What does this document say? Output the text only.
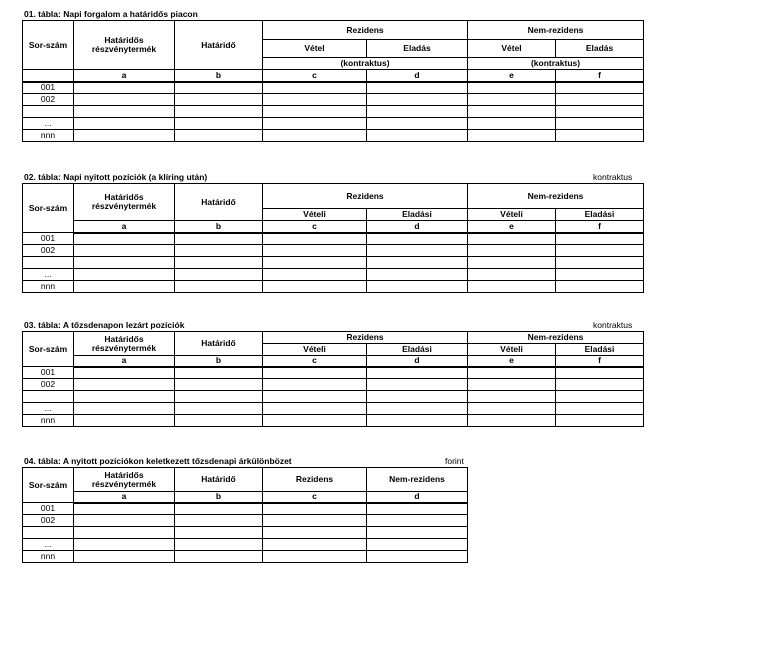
01. tábla: Napi forgalom a határidős piacon
Sor-szám	Határidős részvénytermék	Határidő	Rezidens		Nem-rezidens	
			Vétel	Eladás	Vétel	Eladás	
			(kontraktus)		(kontraktus)		
	a	b	c	d	e	f	
001							
002							

...							
nnn							
02. tábla: Napi nyitott pozíciók (a klíring után)	kontraktus
Sor-szám	Határidős részvénytermék	Határidő	Rezidens		Nem-rezidens	
			Vételi	Eladási	Vételi	Eladási
	a	b	c	d	e	f
001						
002						

...						
nnn						
03. tábla: A tőzsdenapon lezárt pozíciók	kontraktus
Sor-szám	Határidős részvénytermék	Határidő	Rezidens		Nem-rezidens	
			Vételi	Eladási	Vételi	Eladási
	a	b	c	d	e	f
001						
002						

...						
nnn						
04. tábla: A nyitott pozíciókon keletkezett tőzsdenapi árkülönbözet	forint
Sor-szám	Határidős részvénytermék	Határidő	Rezidens	Nem-rezidens
	a	b	c	d
001				
002				

...				
nnn				
